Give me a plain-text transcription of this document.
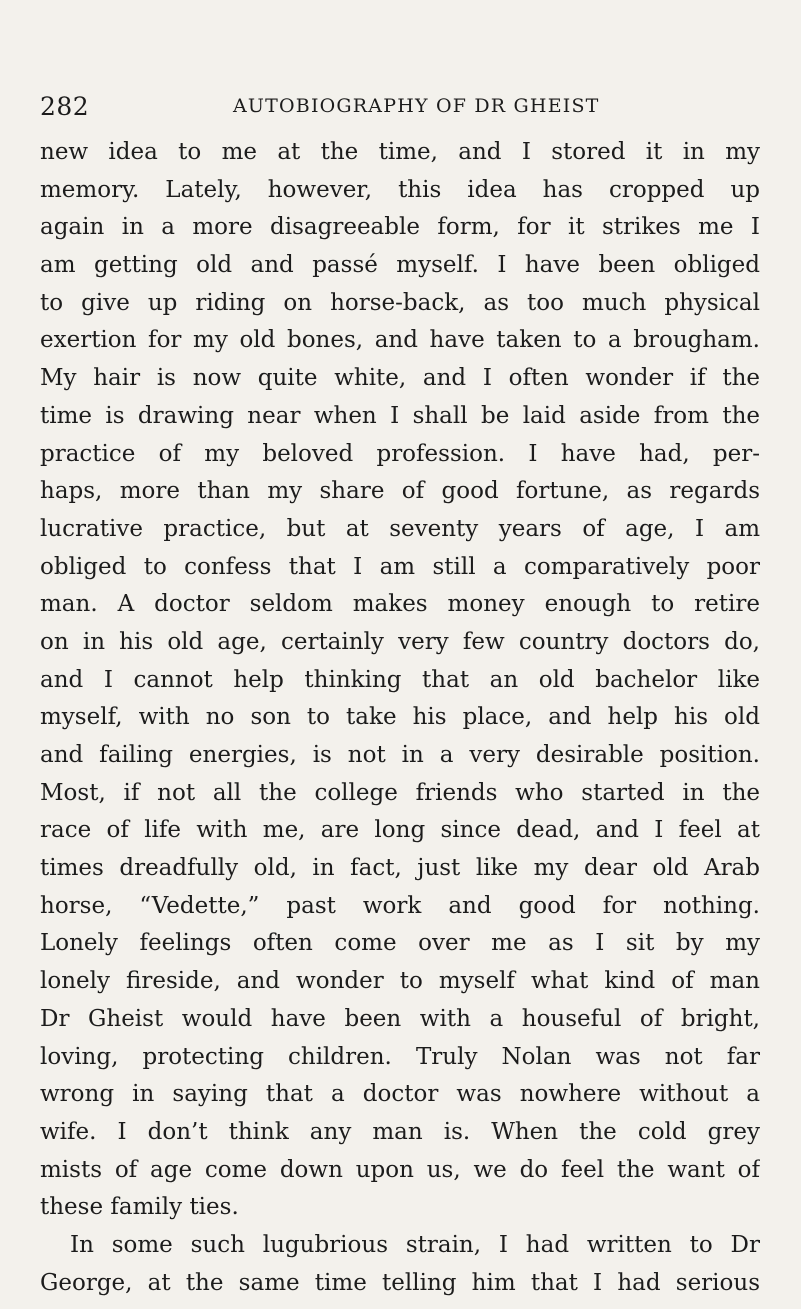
282	AUTOBIOGRAPHY OF DR GHEIST
new idea to me at the time, and I stored it in my
memory. Lately, however, this idea has cropped up
again in a more disagreeable form, for it strikes me I
am getting old and passé myself. I have been obliged
to give up riding on horse-back, as too much physical
exertion for my old bones, and have taken to a brougham.
My hair is now quite white, and I often wonder if the
time is drawing near when I shall be laid aside from the
practice of my beloved profession. I have had, per-
haps, more than my share of good fortune, as regards
lucrative practice, but at seventy years of age, I am
obliged to confess that I am still a comparatively poor
man. A doctor seldom makes money enough to retire
on in his old age, certainly very few country doctors do,
and I cannot help thinking that an old bachelor like
myself, with no son to take his place, and help his old
and failing energies, is not in a very desirable position.
Most, if not all the college friends who started in the
race of life with me, are long since dead, and I feel at
times dreadfully old, in fact, just like my dear old Arab
horse, “Vedette,” past work and good for nothing.
Lonely feelings often come over me as I sit by my
lonely fireside, and wonder to myself what kind of man
Dr Gheist would have been with a houseful of bright,
loving, protecting children. Truly Nolan was not far
wrong in saying that a doctor was nowhere without a
wife. I don’t think any man is. When the cold grey
mists of age come down upon us, we do feel the want of
these family ties.
In some such lugubrious strain, I had written to Dr
George, at the same time telling him that I had serious
